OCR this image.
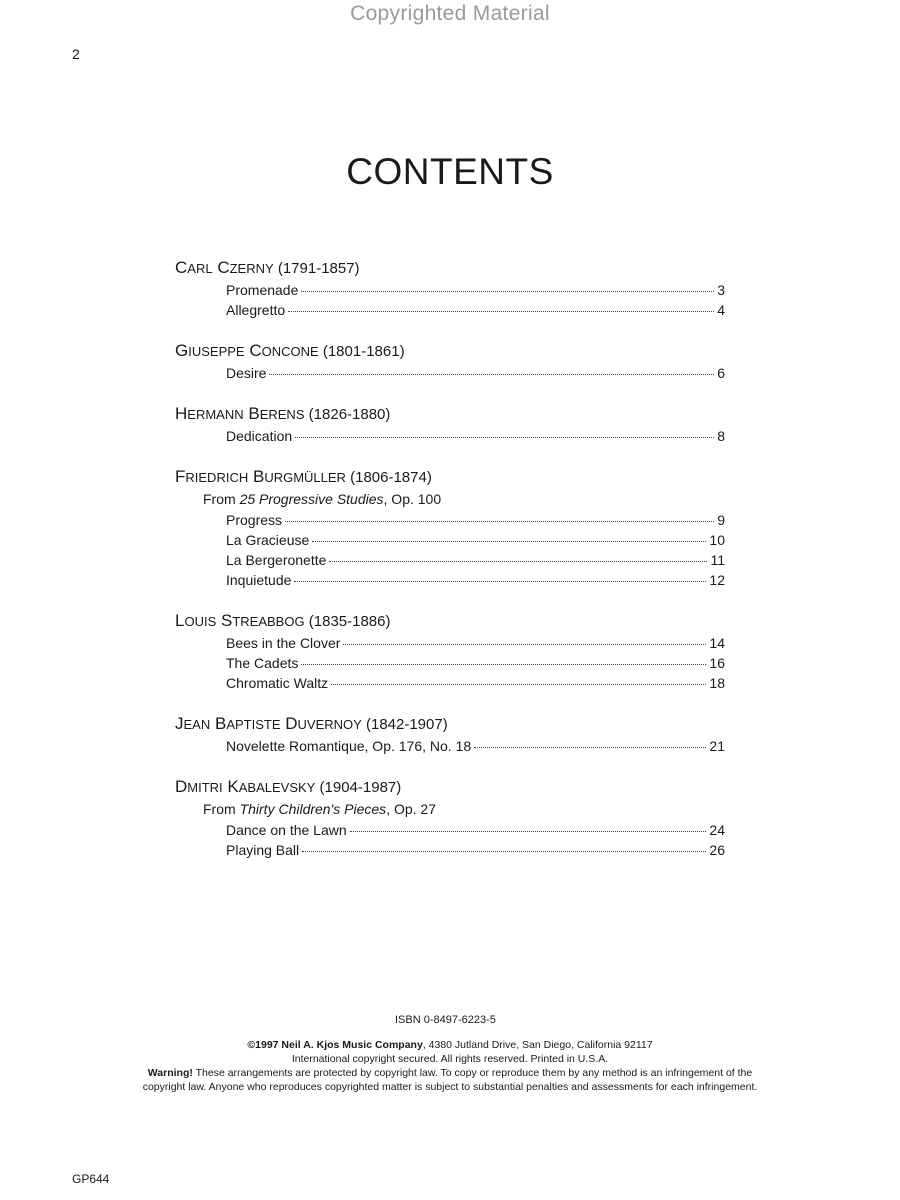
Copyrighted Material
2
CONTENTS
CARL CZERNY (1791-1857)
Promenade	3
Allegretto	4
GIUSEPPE CONCONE (1801-1861)
Desire	6
HERMANN BERENS (1826-1880)
Dedication	8
FRIEDRICH BURGMÜLLER (1806-1874)
From 25 Progressive Studies, Op. 100
Progress	9
La Gracieuse	10
La Bergeronette	11
Inquietude	12
LOUIS STREABBOG (1835-1886)
Bees in the Clover	14
The Cadets	16
Chromatic Waltz	18
JEAN BAPTISTE DUVERNOY (1842-1907)
Novelette Romantique, Op. 176, No. 18	21
DMITRI KABALEVSKY (1904-1987)
From Thirty Children's Pieces, Op. 27
Dance on the Lawn	24
Playing Ball	26
ISBN 0-8497-6223-5
©1997 Neil A. Kjos Music Company, 4380 Jutland Drive, San Diego, California 92117
International copyright secured. All rights reserved. Printed in U.S.A.
Warning! These arrangements are protected by copyright law. To copy or reproduce them by any method is an infringement of the
copyright law. Anyone who reproduces copyrighted matter is subject to substantial penalties and assessments for each infringement.
GP644
